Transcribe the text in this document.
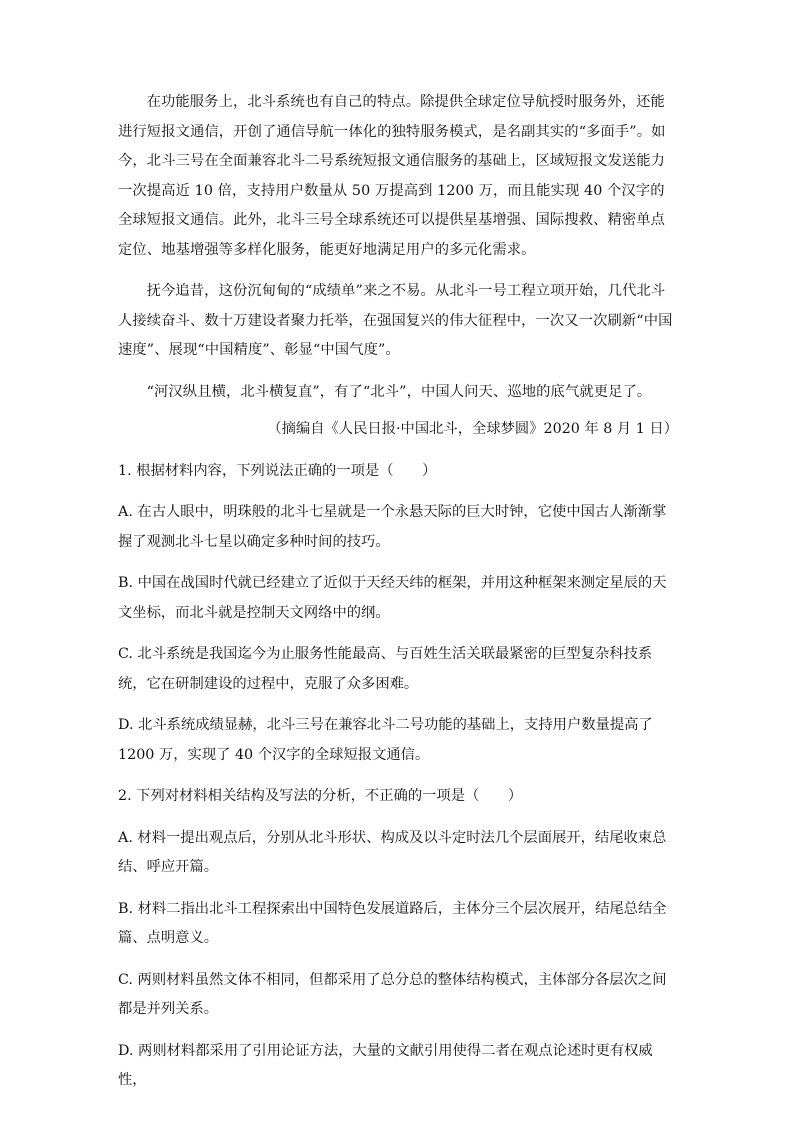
在功能服务上，北斗系统也有自己的特点。除提供全球定位导航授时服务外，还能进行短报文通信，开创了通信导航一体化的独特服务模式，是名副其实的“多面手”。如今，北斗三号在全面兼容北斗二号系统短报文通信服务的基础上，区域短报文发送能力一次提高近 10 倍，支持用户数量从 50 万提高到 1200 万，而且能实现 40 个汉字的全球短报文通信。此外，北斗三号全球系统还可以提供星基增强、国际搜救、精密单点定位、地基增强等多样化服务，能更好地满足用户的多元化需求。

抚今追昔，这份沉甸甸的“成绩单”来之不易。从北斗一号工程立项开始，几代北斗人接续奋斗、数十万建设者聚力托举，在强国复兴的伟大征程中，一次又一次刷新“中国速度”、展现“中国精度”、彰显“中国气度”。

“河汉纵且横，北斗横复直”，有了“北斗”，中国人问天、巡地的底气就更足了。

（摘编自《人民日报·中国北斗，全球梦圆》2020 年 8 月 1 日）

1. 根据材料内容，下列说法正确的一项是（　　）

A. 在古人眼中，明珠般的北斗七星就是一个永悬天际的巨大时钟，它使中国古人渐渐掌握了观测北斗七星以确定多种时间的技巧。

B. 中国在战国时代就已经建立了近似于天经天纬的框架，并用这种框架来测定星辰的天文坐标，而北斗就是控制天文网络中的纲。

C. 北斗系统是我国迄今为止服务性能最高、与百姓生活关联最紧密的巨型复杂科技系统，它在研制建设的过程中，克服了众多困难。

D. 北斗系统成绩显赫，北斗三号在兼容北斗二号功能的基础上，支持用户数量提高了 1200 万，实现了 40 个汉字的全球短报文通信。

2. 下列对材料相关结构及写法的分析，不正确的一项是（　　）

A. 材料一提出观点后，分别从北斗形状、构成及以斗定时法几个层面展开，结尾收束总结、呼应开篇。

B. 材料二指出北斗工程探索出中国特色发展道路后，主体分三个层次展开，结尾总结全篇、点明意义。

C. 两则材料虽然文体不相同，但都采用了总分总的整体结构模式，主体部分各层次之间都是并列关系。

D. 两则材料都采用了引用论证方法，大量的文献引用使得二者在观点论述时更有权威性，
